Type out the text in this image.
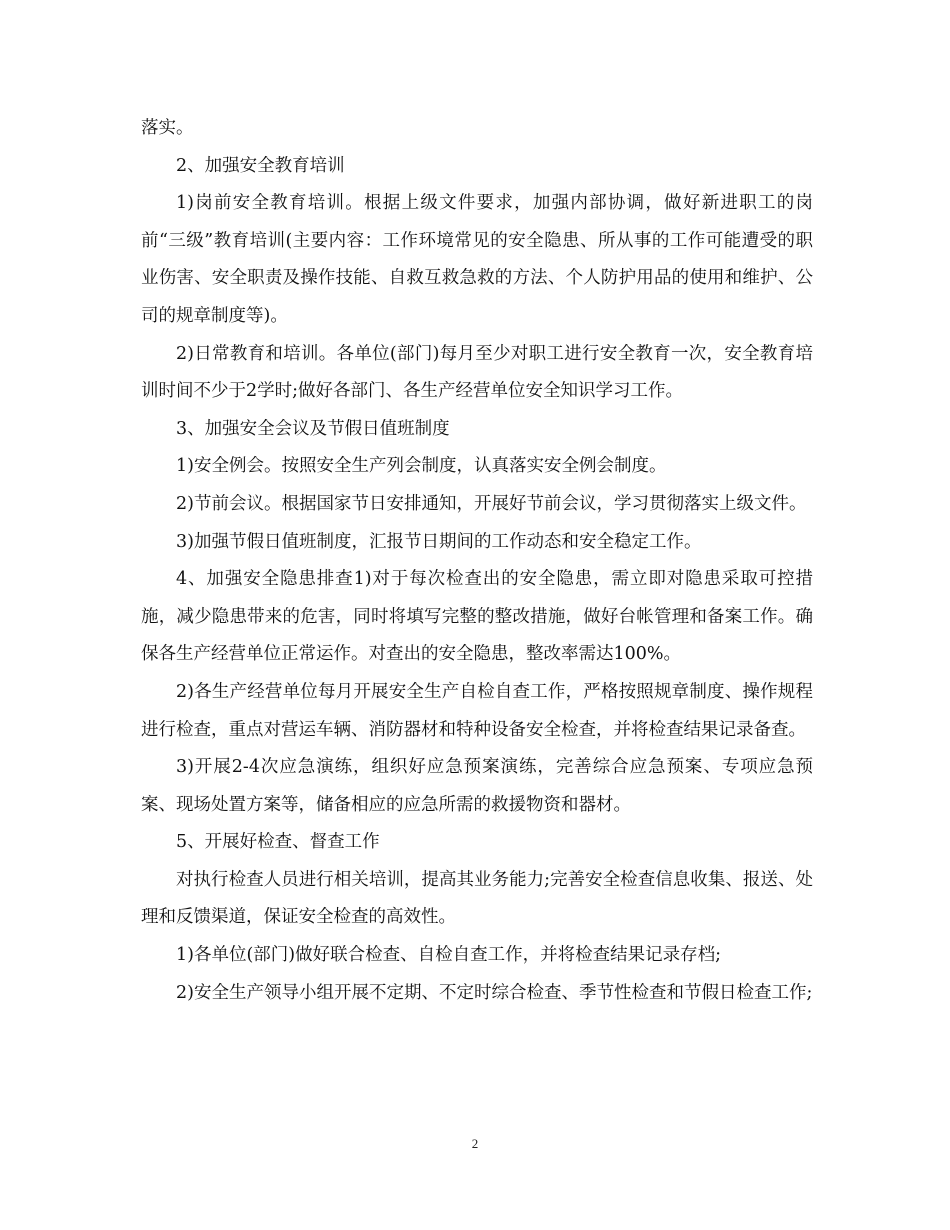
落实。

2、加强安全教育培训

1)岗前安全教育培训。根据上级文件要求，加强内部协调，做好新进职工的岗前“三级”教育培训(主要内容：工作环境常见的安全隐患、所从事的工作可能遭受的职业伤害、安全职责及操作技能、自救互救急救的方法、个人防护用品的使用和维护、公司的规章制度等)。

2)日常教育和培训。各单位(部门)每月至少对职工进行安全教育一次，安全教育培训时间不少于2学时;做好各部门、各生产经营单位安全知识学习工作。

3、加强安全会议及节假日值班制度

1)安全例会。按照安全生产列会制度，认真落实安全例会制度。

2)节前会议。根据国家节日安排通知，开展好节前会议，学习贯彻落实上级文件。

3)加强节假日值班制度，汇报节日期间的工作动态和安全稳定工作。

4、加强安全隐患排查1)对于每次检查出的安全隐患，需立即对隐患采取可控措施，减少隐患带来的危害，同时将填写完整的整改措施，做好台帐管理和备案工作。确保各生产经营单位正常运作。对查出的安全隐患，整改率需达100%。

2)各生产经营单位每月开展安全生产自检自查工作，严格按照规章制度、操作规程进行检查，重点对营运车辆、消防器材和特种设备安全检查，并将检查结果记录备查。

3)开展2-4次应急演练，组织好应急预案演练，完善综合应急预案、专项应急预案、现场处置方案等，储备相应的应急所需的救援物资和器材。

5、开展好检查、督查工作

对执行检查人员进行相关培训，提高其业务能力;完善安全检查信息收集、报送、处理和反馈渠道，保证安全检查的高效性。

1)各单位(部门)做好联合检查、自检自查工作，并将检查结果记录存档;

2)安全生产领导小组开展不定期、不定时综合检查、季节性检查和节假日检查工作;

2
